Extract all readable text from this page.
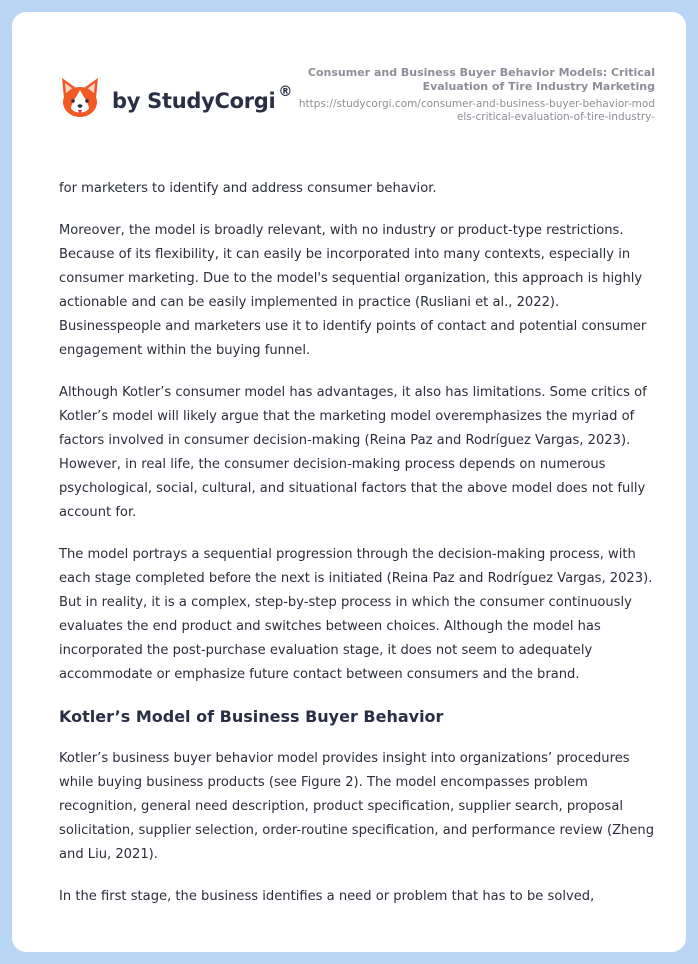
by StudyCorgi ®
Consumer and Business Buyer Behavior Models: Critical Evaluation of Tire Industry Marketing
https://studycorgi.com/consumer-and-business-buyer-behavior-models-critical-evaluation-of-tire-industry-

for marketers to identify and address consumer behavior.

Moreover, the model is broadly relevant, with no industry or product-type restrictions. Because of its flexibility, it can easily be incorporated into many contexts, especially in consumer marketing. Due to the model's sequential organization, this approach is highly actionable and can be easily implemented in practice (Rusliani et al., 2022). Businesspeople and marketers use it to identify points of contact and potential consumer engagement within the buying funnel.

Although Kotler’s consumer model has advantages, it also has limitations. Some critics of Kotler’s model will likely argue that the marketing model overemphasizes the myriad of factors involved in consumer decision-making (Reina Paz and Rodríguez Vargas, 2023). However, in real life, the consumer decision-making process depends on numerous psychological, social, cultural, and situational factors that the above model does not fully account for.

The model portrays a sequential progression through the decision-making process, with each stage completed before the next is initiated (Reina Paz and Rodríguez Vargas, 2023). But in reality, it is a complex, step-by-step process in which the consumer continuously evaluates the end product and switches between choices. Although the model has incorporated the post-purchase evaluation stage, it does not seem to adequately accommodate or emphasize future contact between consumers and the brand.

Kotler’s Model of Business Buyer Behavior

Kotler’s business buyer behavior model provides insight into organizations’ procedures while buying business products (see Figure 2). The model encompasses problem recognition, general need description, product specification, supplier search, proposal solicitation, supplier selection, order-routine specification, and performance review (Zheng and Liu, 2021).

In the first stage, the business identifies a need or problem that has to be solved,
